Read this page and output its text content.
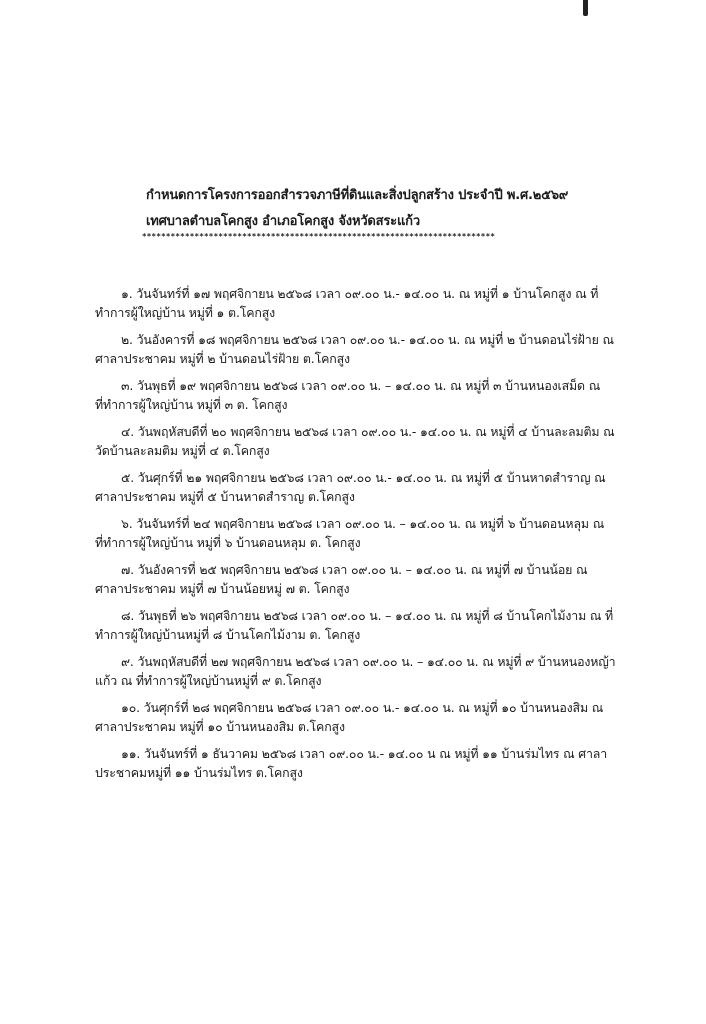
กำหนดการโครงการออกสำรวจภาษีที่ดินและสิ่งปลูกสร้าง ประจำปี พ.ศ.๒๕๖๙
เทศบาลตำบลโคกสูง อำเภอโคกสูง จังหวัดสระแก้ว
**************************************************************************
๑. วันจันทร์ที่ ๑๗ พฤศจิกายน ๒๕๖๘ เวลา ๐๙.๐๐ น.- ๑๔.๐๐ น. ณ หมู่ที่ ๑ บ้านโคกสูง ณ ที่
ทำการผู้ใหญ่บ้าน หมู่ที่ ๑ ต.โคกสูง
๒. วันอังคารที่ ๑๘ พฤศจิกายน ๒๕๖๘ เวลา ๐๙.๐๐ น.- ๑๔.๐๐ น. ณ หมู่ที่ ๒ บ้านดอนไร่ฝ้าย ณ
ศาลาประชาคม หมู่ที่ ๒ บ้านดอนไร่ฝ้าย ต.โคกสูง
๓. วันพุธที่ ๑๙ พฤศจิกายน ๒๕๖๘ เวลา ๐๙.๐๐ น. – ๑๔.๐๐ น. ณ หมู่ที่ ๓ บ้านหนองเสม็ด ณ
ที่ทำการผู้ใหญ่บ้าน หมู่ที่ ๓ ต. โคกสูง
๔. วันพฤหัสบดีที่ ๒๐ พฤศจิกายน ๒๕๖๘ เวลา ๐๙.๐๐ น.- ๑๔.๐๐ น. ณ หมู่ที่ ๔ บ้านละลมติม ณ
วัดบ้านละลมติม หมู่ที่ ๔ ต.โคกสูง
๕. วันศุกร์ที่ ๒๑ พฤศจิกายน ๒๕๖๘ เวลา ๐๙.๐๐ น.- ๑๔.๐๐ น. ณ หมู่ที่ ๕ บ้านหาดสำราญ ณ
ศาลาประชาคม หมู่ที่ ๕ บ้านหาดสำราญ ต.โคกสูง
๖. วันจันทร์ที่ ๒๔ พฤศจิกายน ๒๕๖๘ เวลา ๐๙.๐๐ น. – ๑๔.๐๐ น. ณ หมู่ที่ ๖ บ้านดอนหลุม ณ
ที่ทำการผู้ใหญ่บ้าน หมู่ที่ ๖ บ้านดอนหลุม ต. โคกสูง
๗. วันอังคารที่ ๒๕ พฤศจิกายน ๒๕๖๘ เวลา ๐๙.๐๐ น. – ๑๔.๐๐ น. ณ หมู่ที่ ๗ บ้านน้อย ณ
ศาลาประชาคม หมู่ที่ ๗ บ้านน้อยหมู่ ๗ ต. โคกสูง
๘. วันพุธที่ ๒๖ พฤศจิกายน ๒๕๖๘ เวลา ๐๙.๐๐ น. – ๑๔.๐๐ น. ณ หมู่ที่ ๘ บ้านโคกไม้งาม ณ ที่
ทำการผู้ใหญ่บ้านหมู่ที่ ๘ บ้านโคกไม้งาม ต. โคกสูง
๙. วันพฤหัสบดีที่ ๒๗ พฤศจิกายน ๒๕๖๘ เวลา ๐๙.๐๐ น. – ๑๔.๐๐ น. ณ หมู่ที่ ๙ บ้านหนองหญ้า
แก้ว ณ ที่ทำการผู้ใหญ่บ้านหมู่ที่ ๙ ต.โคกสูง
๑๐. วันศุกร์ที่ ๒๘ พฤศจิกายน ๒๕๖๘ เวลา ๐๙.๐๐ น.- ๑๔.๐๐ น. ณ หมู่ที่ ๑๐ บ้านหนองสิม ณ
ศาลาประชาคม หมู่ที่ ๑๐ บ้านหนองสิม ต.โคกสูง
๑๑. วันจันทร์ที่ ๑ ธันวาคม ๒๕๖๘ เวลา ๐๙.๐๐ น.- ๑๔.๐๐ น ณ หมู่ที่ ๑๑ บ้านร่มไทร ณ ศาลา
ประชาคมหมู่ที่ ๑๑ บ้านร่มไทร ต.โคกสูง
